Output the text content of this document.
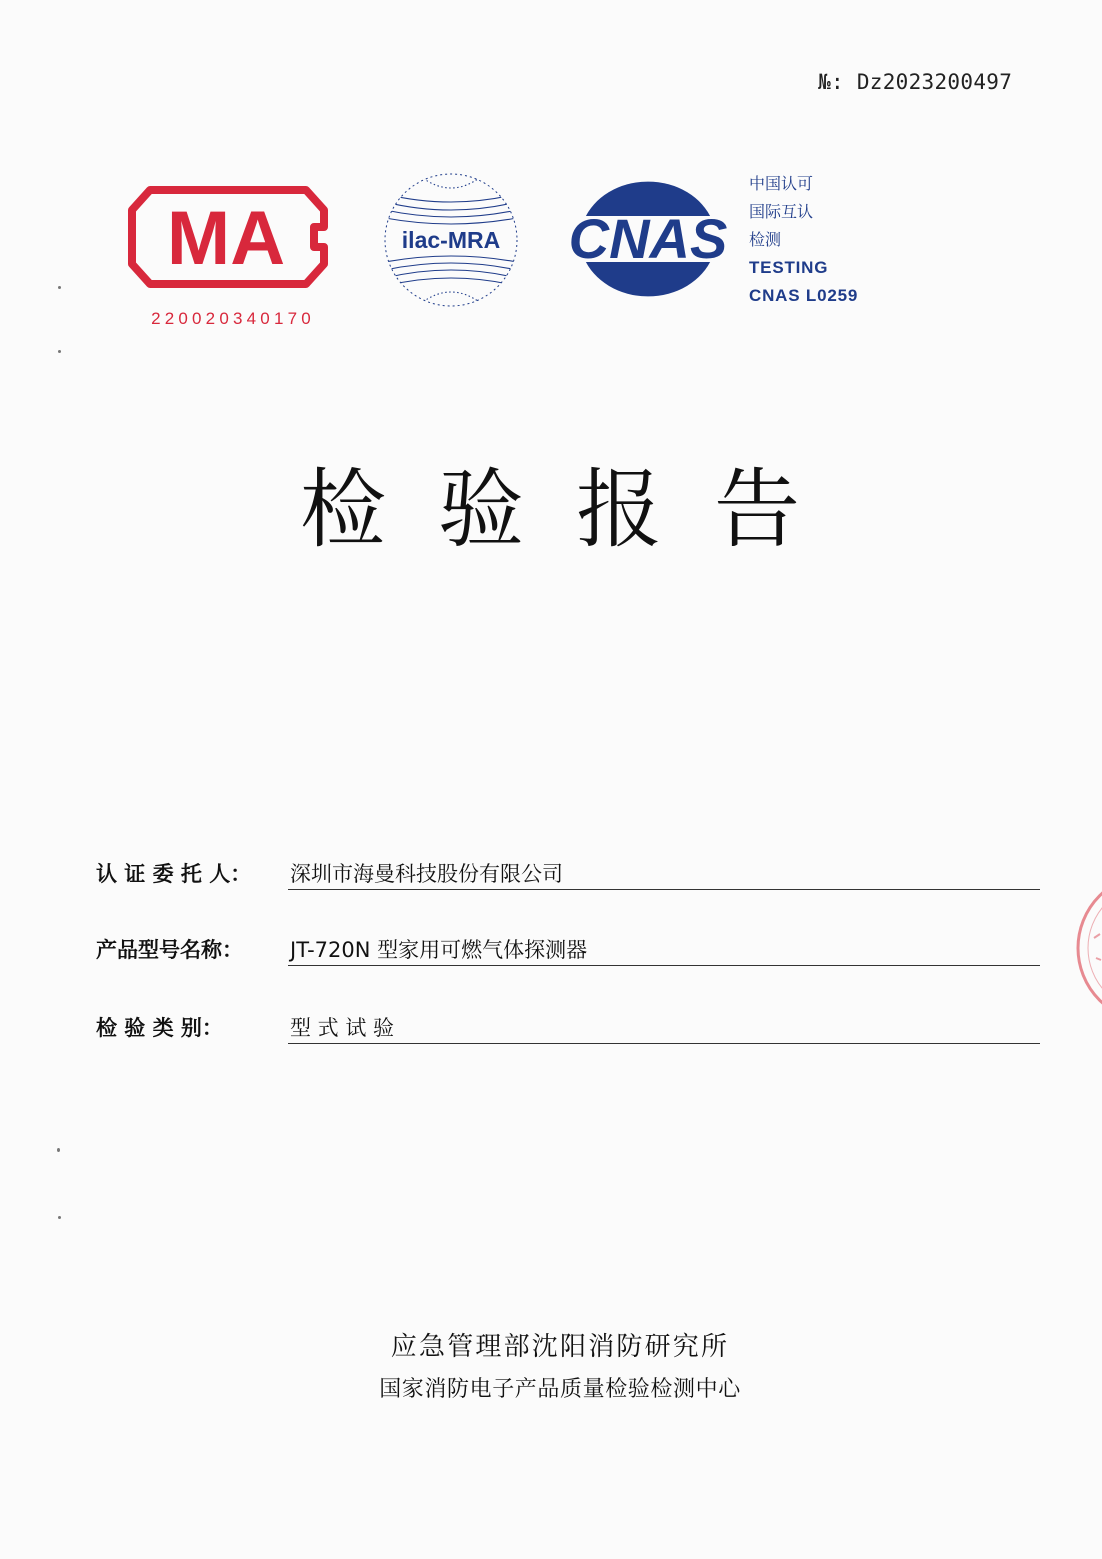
№: Dz2023200497
MA
220020340170
ilac-MRA CNAS
中国认可
国际互认
检测
TESTING
CNAS L0259
检验报告
认 证 委 托 人： 深圳市海曼科技股份有限公司
产品型号名称： JT-720N 型家用可燃气体探测器
检 验 类 别：	型 式 试 验
应急管理部沈阳消防研究所
国家消防电子产品质量检验检测中心
